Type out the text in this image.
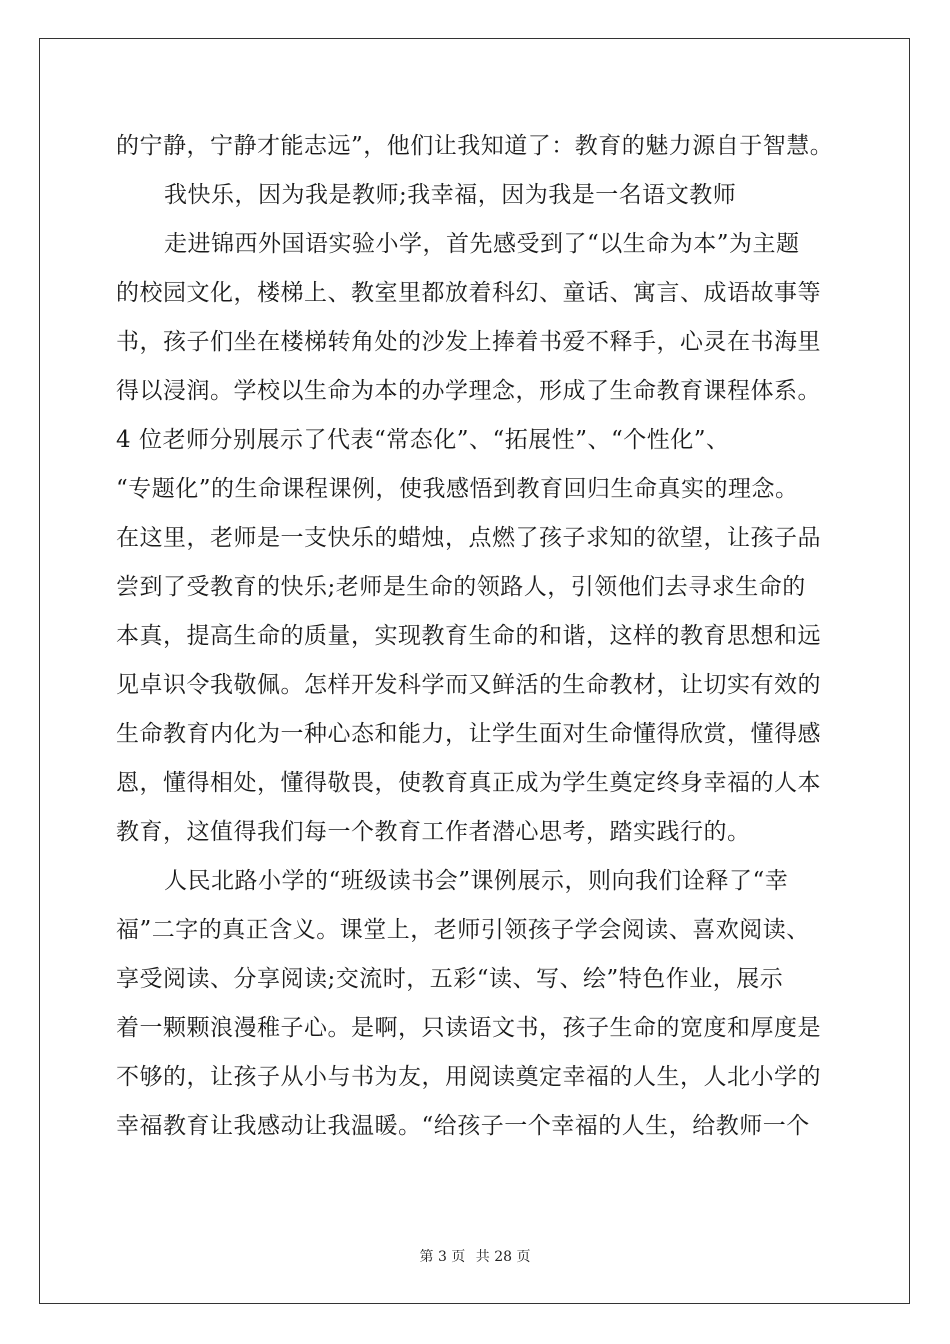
的宁静，宁静才能志远”，他们让我知道了：教育的魅力源自于智慧。
我快乐，因为我是教师;我幸福，因为我是一名语文教师
走进锦西外国语实验小学，首先感受到了“以生命为本”为主题
的校园文化，楼梯上、教室里都放着科幻、童话、寓言、成语故事等
书，孩子们坐在楼梯转角处的沙发上捧着书爱不释手，心灵在书海里
得以浸润。学校以生命为本的办学理念，形成了生命教育课程体系。
4 位老师分别展示了代表“常态化”、“拓展性”、“个性化”、
“专题化”的生命课程课例，使我感悟到教育回归生命真实的理念。
在这里，老师是一支快乐的蜡烛，点燃了孩子求知的欲望，让孩子品
尝到了受教育的快乐;老师是生命的领路人，引领他们去寻求生命的
本真，提高生命的质量，实现教育生命的和谐，这样的教育思想和远
见卓识令我敬佩。怎样开发科学而又鲜活的生命教材，让切实有效的
生命教育内化为一种心态和能力，让学生面对生命懂得欣赏，懂得感
恩，懂得相处，懂得敬畏，使教育真正成为学生奠定终身幸福的人本
教育，这值得我们每一个教育工作者潜心思考，踏实践行的。
人民北路小学的“班级读书会”课例展示，则向我们诠释了“幸
福”二字的真正含义。课堂上，老师引领孩子学会阅读、喜欢阅读、
享受阅读、分享阅读;交流时，五彩“读、写、绘”特色作业，展示
着一颗颗浪漫稚子心。是啊，只读语文书，孩子生命的宽度和厚度是
不够的，让孩子从小与书为友，用阅读奠定幸福的人生，人北小学的
幸福教育让我感动让我温暖。“给孩子一个幸福的人生，给教师一个
第 3 页 共 28 页
